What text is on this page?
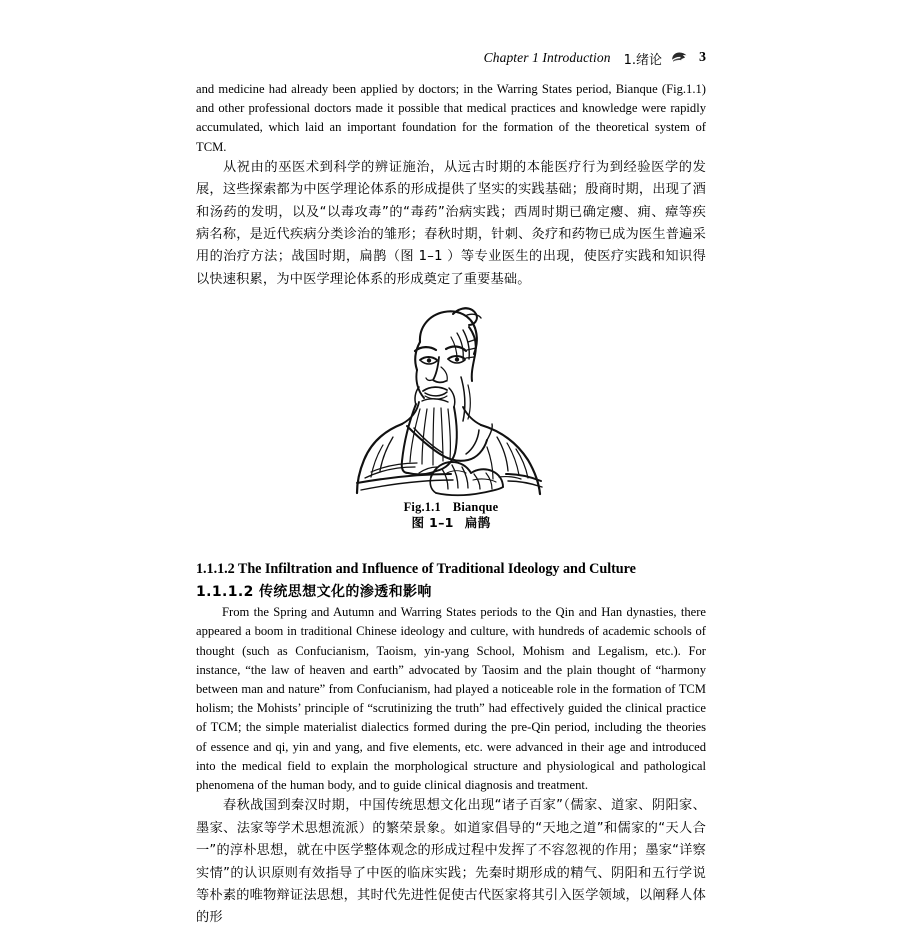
Chapter 1 Introduction 1.绪论	3

and medicine had already been applied by doctors; in the Warring States period, Bianque (Fig.1.1) and other professional doctors made it possible that medical practices and knowledge were rapidly accumulated, which laid an important foundation for the formation of the theoretical system of TCM.

从祝由的巫医术到科学的辨证施治，从远古时期的本能医疗行为到经验医学的发展，这些探索都为中医学理论体系的形成提供了坚实的实践基础；殷商时期，出现了酒和汤药的发明，以及“以毒攻毒”的“毒药”治病实践；西周时期已确定瘿、痈、瘴等疾病名称，是近代疾病分类诊治的雏形；春秋时期，针刺、灸疗和药物已成为医生普遍采用的治疗方法；战国时期，扁鹊（图 1–1 ）等专业医生的出现，使医疗实践和知识得以快速积累，为中医学理论体系的形成奠定了重要基础。

Fig.1.1 Bianque
图 1–1 扁鹊
1.1.1.2 The Infiltration and Influence of Traditional Ideology and Culture
1.1.1.2 传统思想文化的渗透和影响

From the Spring and Autumn and Warring States periods to the Qin and Han dynasties, there appeared a boom in traditional Chinese ideology and culture, with hundreds of academic schools of thought (such as Confucianism, Taoism, yin-yang School, Mohism and Legalism, etc.). For instance, “the law of heaven and earth” advocated by Taosim and the plain thought of “harmony between man and nature” from Confucianism, had played a noticeable role in the formation of TCM holism; the Mohists’ principle of “scrutinizing the truth” had effectively guided the clinical practice of TCM; the simple materialist dialectics formed during the pre-Qin period, including the theories of essence and qi, yin and yang, and five elements, etc. were advanced in their age and introduced into the medical field to explain the morphological structure and physiological and pathological phenomena of the human body, and to guide clinical diagnosis and treatment.

春秋战国到秦汉时期，中国传统思想文化出现“诸子百家”（儒家、道家、阴阳家、墨家、法家等学术思想流派）的繁荣景象。如道家倡导的“天地之道”和儒家的“天人合一”的淳朴思想，就在中医学整体观念的形成过程中发挥了不容忽视的作用；墨家“详察实情”的认识原则有效指导了中医的临床实践；先秦时期形成的精气、阴阳和五行学说等朴素的唯物辩证法思想，其时代先进性促使古代医家将其引入医学领域，以阐释人体的形
